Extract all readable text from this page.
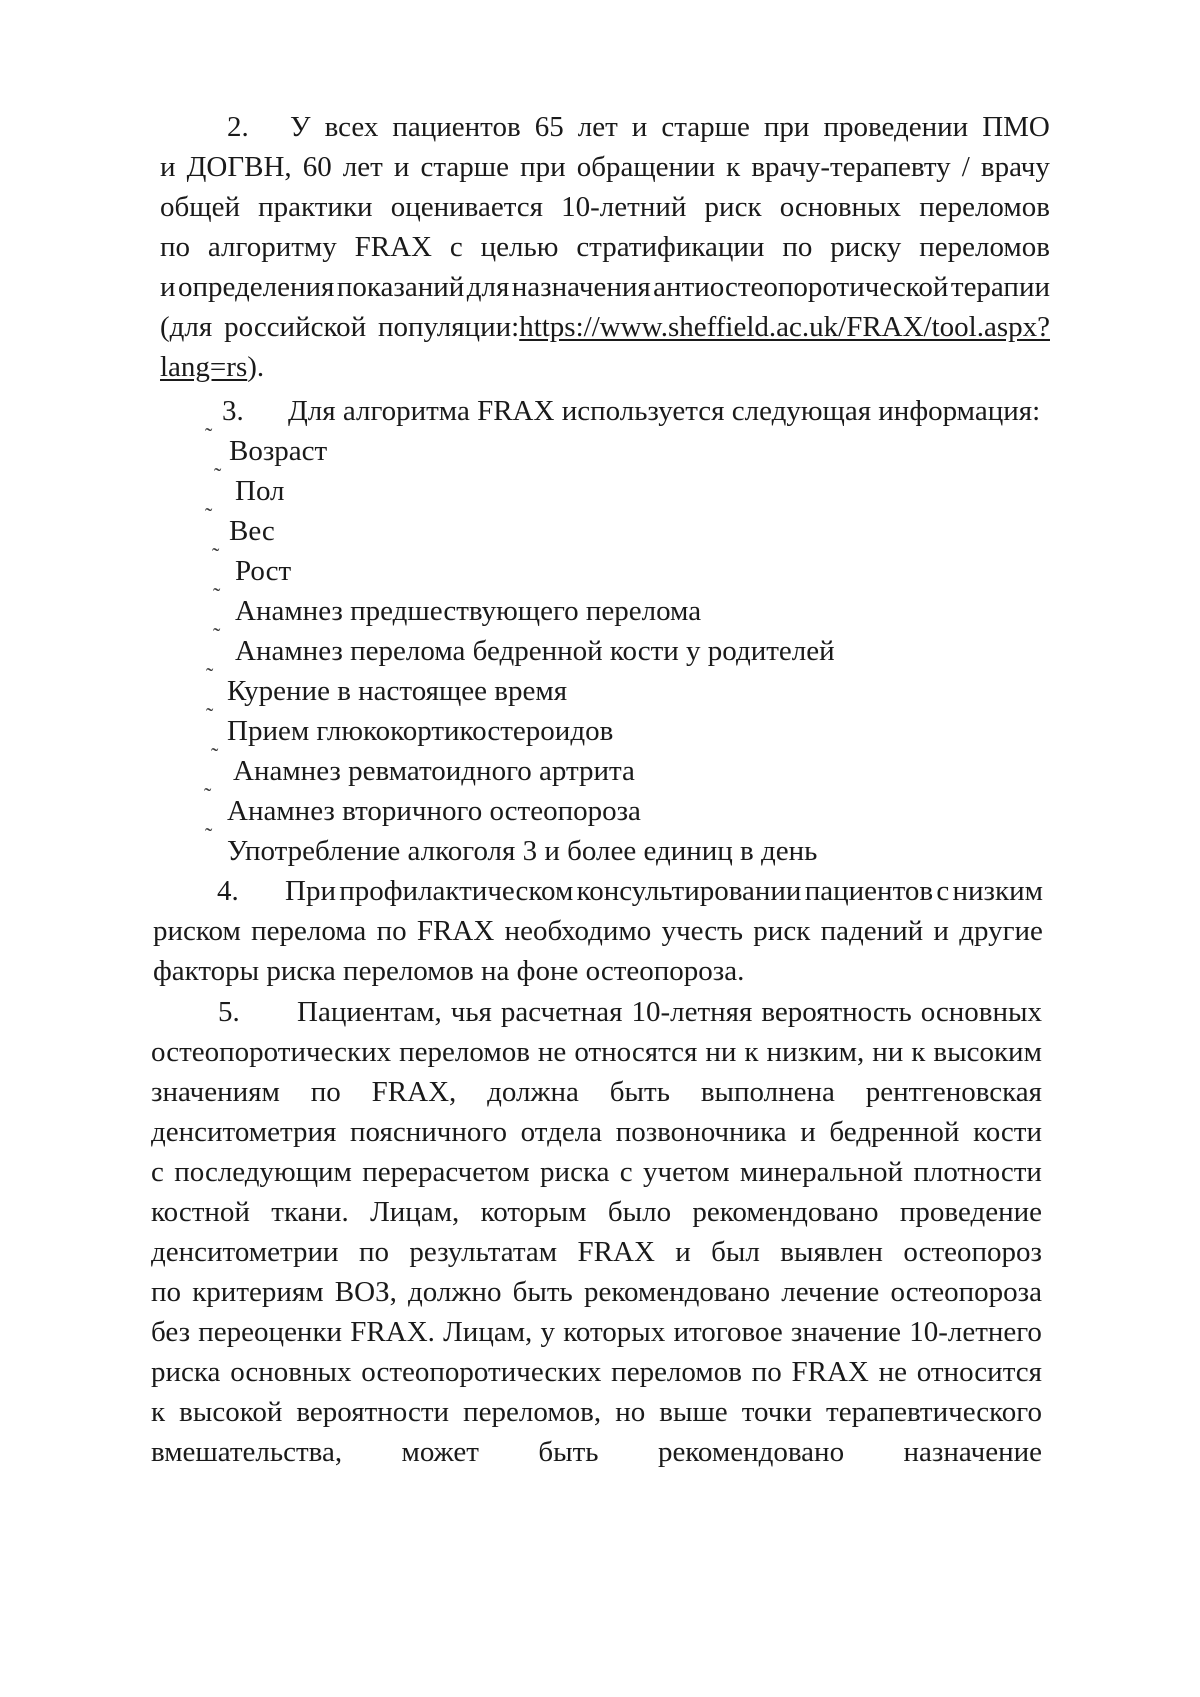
2. У всех пациентов 65 лет и старше при проведении ПМО
и ДОГВН, 60 лет и старше при обращении к врачу-терапевту / врачу
общей практики оценивается 10-летний риск основных переломов
по алгоритму FRAX с целью стратификации по риску переломов
и определения показаний для назначения антиостеопоротической терапии
(для российской популяции: https://www.sheffield.ac.uk/FRAX/tool.aspx?
lang=rs).
3. Для алгоритма FRAX используется следующая информация:
˜ Возраст
˜ Пол
˜ Вес
˜ Рост
˜ Анамнез предшествующего перелома
˜ Анамнез перелома бедренной кости у родителей
˜ Курение в настоящее время
˜ Прием глюкокортикостероидов
˜ Анамнез ревматоидного артрита
˜ Анамнез вторичного остеопороза
˜ Употребление алкоголя 3 и более единиц в день
4. При профилактическом консультировании пациентов с низким
риском перелома по FRAX необходимо учесть риск падений и другие
факторы риска переломов на фоне остеопороза.
5. Пациентам, чья расчетная 10-летняя вероятность основных
остеопоротических переломов не относятся ни к низким, ни к высоким
значениям по FRAX, должна быть выполнена рентгеновская
денситометрия поясничного отдела позвоночника и бедренной кости
с последующим перерасчетом риска с учетом минеральной плотности
костной ткани. Лицам, которым было рекомендовано проведение
денситометрии по результатам FRAX и был выявлен остеопороз
по критериям ВОЗ, должно быть рекомендовано лечение остеопороза
без переоценки FRAX. Лицам, у которых итоговое значение 10-летнего
риска основных остеопоротических переломов по FRAX не относится
к высокой вероятности переломов, но выше точки терапевтического
вмешательства, может быть рекомендовано назначение
